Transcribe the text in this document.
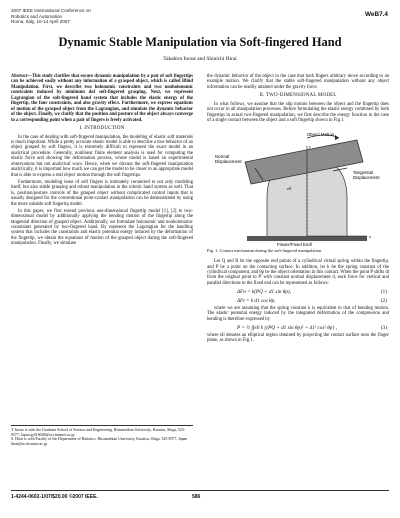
2007 IEEE International Conference on
Robotics and Automation
Roma, Italy, 10-14 April 2007
WeB7.4
Dynamic Stable Manipulation via Soft-fingered Hand
Takahiro Inoue and Shinichi Hirai

Abstract—This study clarifies that secure dynamic manipulation by a pair of soft fingertips can be achieved easily without any information of a grasped object, which is called Blind Manipulation. First, we describe two holonomic constraints and two nonholonomic constraints induced by minimum dof soft-fingered grasping. Next, we represent Lagrangian of the soft-fingered hand system that includes the elastic energy of the fingertip, the four constraints, and also gravity effect. Furthermore, we express equations of motion of the grasped object from the Lagrangian, and simulate the dynamic behavior of the object. Finally, we clarify that the position and posture of the object always converge to a corresponding point when a pair of fingers is freely activated.

I. INTRODUCTION

In the case of dealing with soft-fingered manipulation, the modeling of elastic soft materials is much important. While a pretty accurate elastic model is able to describe a true behavior of an object grasped by soft fingers, it is extremely difficult to represent the exact model in an analytical procedure. Generally, nonlinear finite element analysis is used for computing the elastic force and showing the deformation process, whose model is based on experimental observations but not analytical ways. Hence, when we discuss the soft-fingered manipulation analytically, it is important how much we can get the model to be closer to an appropriate model that is able to express a real object motion through the soft fingertips.

Furthermore, modeling issue of soft fingers is intimately connected to not only modeling itself, but also stable grasping and robust manipulation in the robotic hand system as well. That is, position/posture controls of the grasped object without complicated control inputs that is usually designed for the conventional point-contact manipulation can be demonstrated by using the more suitable soft fingertip model.

In this paper, we first extend previous one-dimensional fingertip model [1], [2] to two-dimensional model by additionally applying the bending motion of the fingertip along the tangential direction of grasped object. Additionally, we formulate holonomic and nonholonomic constraints generated by two-fingered hand. By represent the Lagrangian for the handling system that includes the constraints and elastic potential energy induced by the deformation of the fingertip, we obtain the equations of motion of the grasped object during the soft-fingered manipulation. Finally, we simulate

T. Inoue is with the Graduate School of Science and Engineering, Ritsumeikan University, Kusatsu, Shiga, 525-8577, Japan gr016028@se.ritsumei.ac.jp
S. Hirai is with Faculty of the Department of Robotics, Ritsumeikan University, Kusatsu, Shiga, 525-8577, Japan hirai@se.ritsumei.ac.jp

the dynamic behavior of the object in the case that both fingers arbitrary move according to an example motion. We clarify that the stable soft-fingered manipulation without any object information can be readily attained under the gravity force.

II. TWO-DIMENSIONAL MODEL

In what follows, we assume that the slip motion between the object and the fingertip does not occur in all manipulation processes. Before formulating the elastic energy combined by both fingertips in actual two-fingered manipulation, we first describe the energy function in the case of a single contact between the object and a soft fingertip shown in Fig.1.

Object Motion
Normal
Displacement
Tangential
Displacement
ell
x
y
Finger(Fixed End)
Fig. 1. Contact mechanism during the soft-fingered manipulation

Let Q and R be the opposite end points of a cylindrical virtual spring within the fingertip, and P be a point on the contacting surface. In addition, let k be the spring constant of the cylindrical component, and θp be the object orientation in this contact. When the point P shifts dt from the original point to P' with constant normal displacement d, each force for vertical and parallel directions to the fixed end can be represented as follows:

ΔFn = k(PQ + d1 sin θp),	(1)
ΔFt = k d1 cos θp,	(2)

where we are assuming that the spring constant k is equivalent to that of bending motion. The elastic potential energy induced by the integrated deformation of the compression and bending is therefore expressed by

P = ½ ∫∫ell k {(PQ + d1 sin θp)² + d1² cos² θp} ,	(3)

where ell denotes an elliptical region obtained by projecting the contact surface onto the finger plane, as shown in Fig.1.

1-4244-0602-1/07/$20.00 ©2007 IEEE.	586
